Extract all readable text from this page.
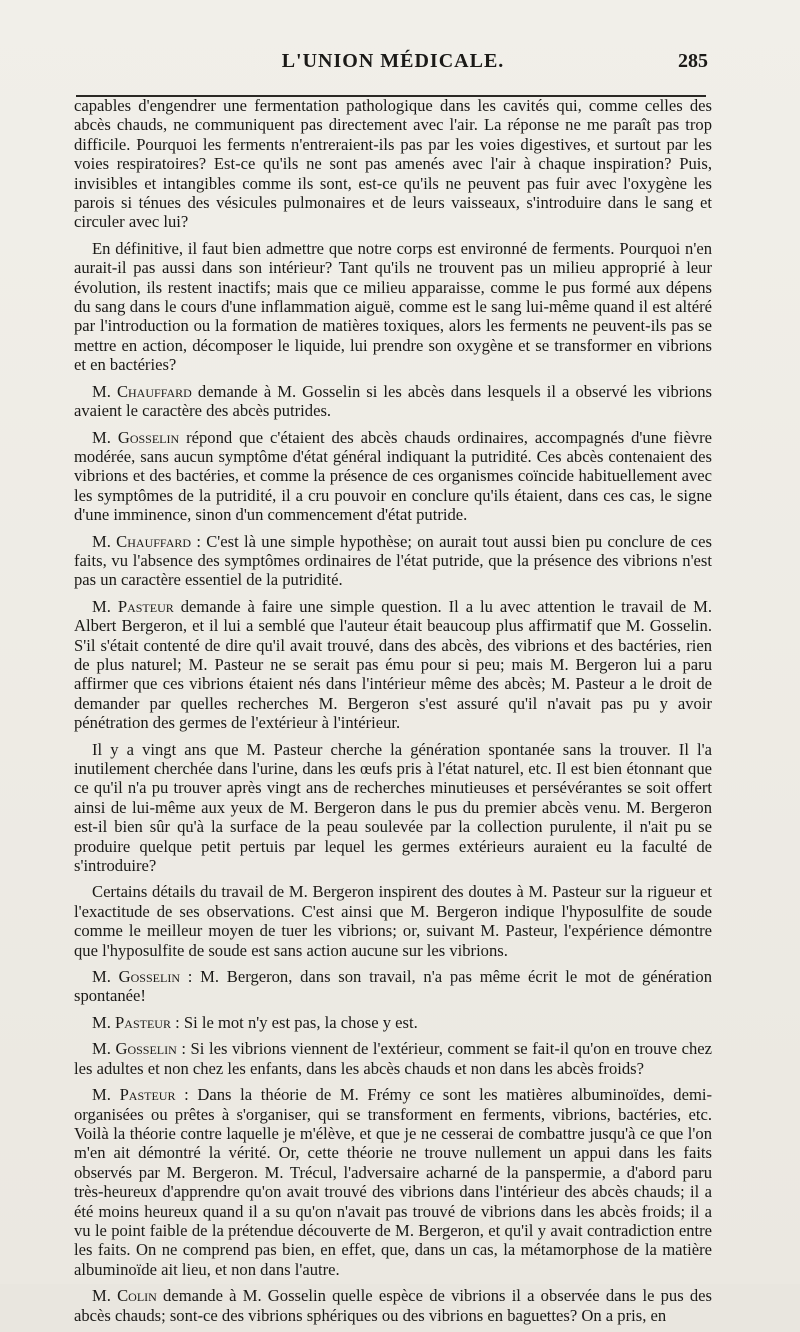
L'UNION MÉDICALE.	285

capables d'engendrer une fermentation pathologique dans les cavités qui, comme celles des abcès chauds, ne communiquent pas directement avec l'air. La réponse ne me paraît pas trop difficile. Pourquoi les ferments n'entreraient-ils pas par les voies digestives, et surtout par les voies respiratoires? Est-ce qu'ils ne sont pas amenés avec l'air à chaque inspiration? Puis, invisibles et intangibles comme ils sont, est-ce qu'ils ne peuvent pas fuir avec l'oxygène les parois si ténues des vésicules pulmonaires et de leurs vaisseaux, s'introduire dans le sang et circuler avec lui?

En définitive, il faut bien admettre que notre corps est environné de ferments. Pourquoi n'en aurait-il pas aussi dans son intérieur? Tant qu'ils ne trouvent pas un milieu approprié à leur évolution, ils restent inactifs; mais que ce milieu apparaisse, comme le pus formé aux dépens du sang dans le cours d'une inflammation aiguë, comme est le sang lui-même quand il est altéré par l'introduction ou la formation de matières toxiques, alors les ferments ne peuvent-ils pas se mettre en action, décomposer le liquide, lui prendre son oxygène et se transformer en vibrions et en bactéries?

M. Chauffard demande à M. Gosselin si les abcès dans lesquels il a observé les vibrions avaient le caractère des abcès putrides.

M. Gosselin répond que c'étaient des abcès chauds ordinaires, accompagnés d'une fièvre modérée, sans aucun symptôme d'état général indiquant la putridité. Ces abcès contenaient des vibrions et des bactéries, et comme la présence de ces organismes coïncide habituellement avec les symptômes de la putridité, il a cru pouvoir en conclure qu'ils étaient, dans ces cas, le signe d'une imminence, sinon d'un commencement d'état putride.

M. Chauffard : C'est là une simple hypothèse; on aurait tout aussi bien pu conclure de ces faits, vu l'absence des symptômes ordinaires de l'état putride, que la présence des vibrions n'est pas un caractère essentiel de la putridité.

M. Pasteur demande à faire une simple question. Il a lu avec attention le travail de M. Albert Bergeron, et il lui a semblé que l'auteur était beaucoup plus affirmatif que M. Gosselin. S'il s'était contenté de dire qu'il avait trouvé, dans des abcès, des vibrions et des bactéries, rien de plus naturel; M. Pasteur ne se serait pas ému pour si peu; mais M. Bergeron lui a paru affirmer que ces vibrions étaient nés dans l'intérieur même des abcès; M. Pasteur a le droit de demander par quelles recherches M. Bergeron s'est assuré qu'il n'avait pas pu y avoir pénétration des germes de l'extérieur à l'intérieur.

Il y a vingt ans que M. Pasteur cherche la génération spontanée sans la trouver. Il l'a inutilement cherchée dans l'urine, dans les œufs pris à l'état naturel, etc. Il est bien étonnant que ce qu'il n'a pu trouver après vingt ans de recherches minutieuses et persévérantes se soit offert ainsi de lui-même aux yeux de M. Bergeron dans le pus du premier abcès venu. M. Bergeron est-il bien sûr qu'à la surface de la peau soulevée par la collection purulente, il n'ait pu se produire quelque petit pertuis par lequel les germes extérieurs auraient eu la faculté de s'introduire?

Certains détails du travail de M. Bergeron inspirent des doutes à M. Pasteur sur la rigueur et l'exactitude de ses observations. C'est ainsi que M. Bergeron indique l'hyposulfite de soude comme le meilleur moyen de tuer les vibrions; or, suivant M. Pasteur, l'expérience démontre que l'hyposulfite de soude est sans action aucune sur les vibrions.

M. Gosselin : M. Bergeron, dans son travail, n'a pas même écrit le mot de génération spontanée!

M. Pasteur : Si le mot n'y est pas, la chose y est.

M. Gosselin : Si les vibrions viennent de l'extérieur, comment se fait-il qu'on en trouve chez les adultes et non chez les enfants, dans les abcès chauds et non dans les abcès froids?

M. Pasteur : Dans la théorie de M. Frémy ce sont les matières albuminoïdes, demi-organisées ou prêtes à s'organiser, qui se transforment en ferments, vibrions, bactéries, etc. Voilà la théorie contre laquelle je m'élève, et que je ne cesserai de combattre jusqu'à ce que l'on m'en ait démontré la vérité. Or, cette théorie ne trouve nullement un appui dans les faits observés par M. Bergeron. M. Trécul, l'adversaire acharné de la panspermie, a d'abord paru très-heureux d'apprendre qu'on avait trouvé des vibrions dans l'intérieur des abcès chauds; il a été moins heureux quand il a su qu'on n'avait pas trouvé de vibrions dans les abcès froids; il a vu le point faible de la prétendue découverte de M. Bergeron, et qu'il y avait contradiction entre les faits. On ne comprend pas bien, en effet, que, dans un cas, la métamorphose de la matière albuminoïde ait lieu, et non dans l'autre.

M. Colin demande à M. Gosselin quelle espèce de vibrions il a observée dans le pus des abcès chauds; sont-ce des vibrions sphériques ou des vibrions en baguettes? On a pris, en
